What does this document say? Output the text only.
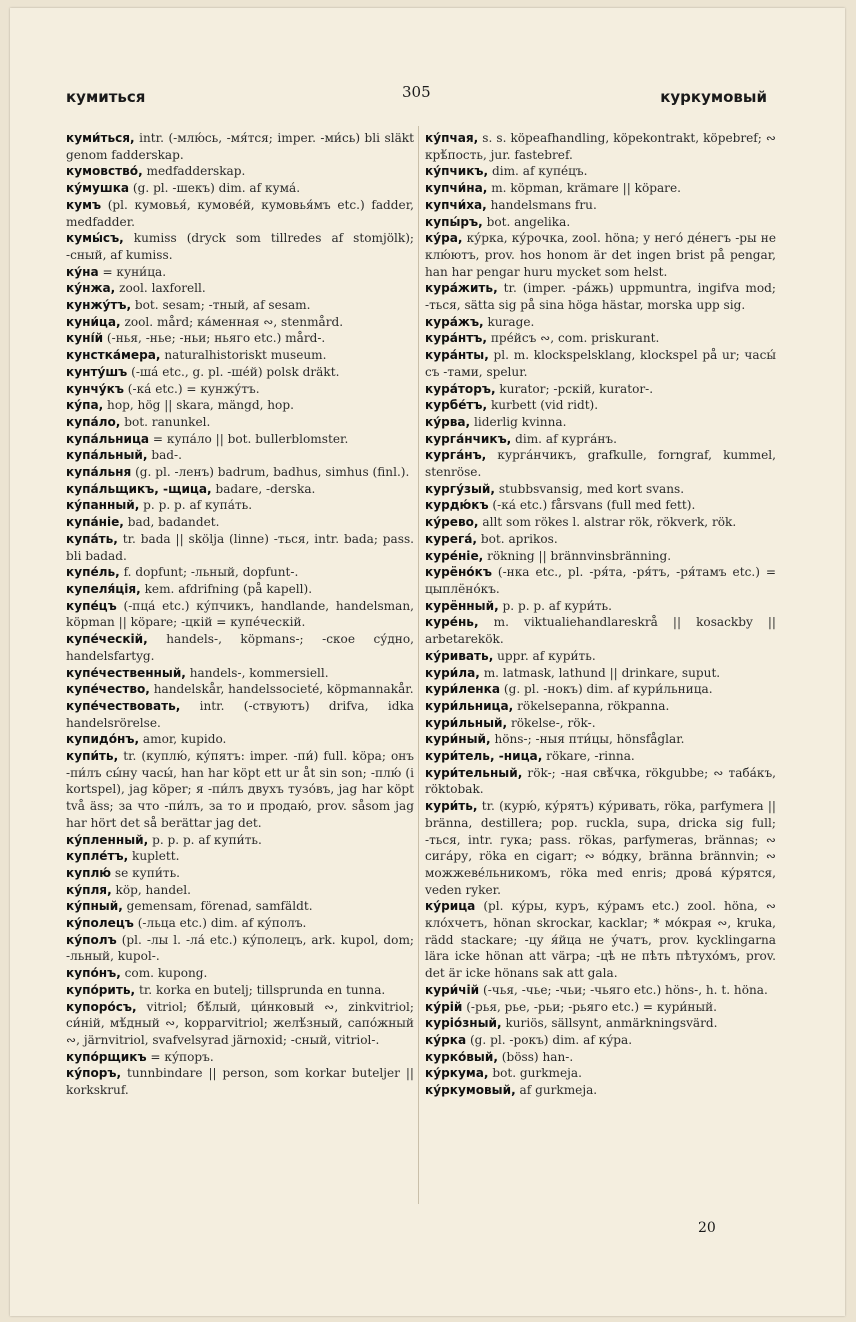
кумиться	305	куркумовый

куми́ться, intr. (-млю́сь, -мя́тся; imper. -ми́сь) bli släkt genom fadderskap.

кумовство́, medfadderskap.

ку́мушка (g. pl. -шекъ) dim. af кума́.

кумъ (pl. кумовья́, кумове́й, кумовья́мъ etc.) fadder, medfadder.

кумы́съ, kumiss (dryck som tillredes af stomjölk); -сный, af kumiss.

ку́на = куни́ца.

ку́нжа, zool. laxforell.

кунжу́тъ, bot. sesam; -тный, af sesam.

куни́ца, zool. mård; ка́менная ∾, stenmård.

куні́й (-нья, -нье; -ньи; ньяго etc.) mård-.

кунстка́мера, naturalhistoriskt museum.

кунту́шъ (-шá etc., g. pl. -ше́й) polsk dräkt.

кунчу́къ (-ка́ etc.) = кунжу́тъ.

ку́па, hop, hög || skara, mängd, hop.

купа́ло, bot. ranunkel.

купа́льница = купа́ло || bot. bullerblomster.

купа́льный, bad-.

купа́льня (g. pl. -ленъ) badrum, badhus, simhus (finl.).

купа́льщикъ, -щица, badare, -derska.

ку́панный, p. p. p. af купа́ть.

купа́ніе, bad, badandet.

купа́ть, tr. bada || skölja (linne) -ться, intr. bada; pass. bli badad.

купе́ль, f. dopfunt; -льный, dopfunt-.

купеля́ція, kem. afdrifning (på kapell).

купе́цъ (-пца́ etc.) ку́пчикъ, handlande, handelsman, köpman || köpare; -цкій = купе́ческій.

купе́ческій, handels-, köpmans-; -ское су́дно, handelsfartyg.

купе́чественный, handels-, kommersiell.

купе́чество, handelskår, handelssocieté, köpmannakår.

купе́чествовать, intr. (-ствуютъ) drifva, idka handelsrörelse.

купидо́нъ, amor, kupido.

купи́ть, tr. (куплю́, ку́пятъ: imper. -пи́) full. köpa; онъ -пи́лъ сы́ну часы́, han har köpt ett ur åt sin son; -плю́ (i kortspel), jag köper; я -пи́лъ двухъ тузо́въ, jag har köpt två äss; за что -пи́лъ, за то и продаю́, prov. såsom jag har hört det så berättar jag det.

ку́пленный, p. p. p. af купи́ть.

купле́тъ, kuplett.

куплю́ se купи́ть.

ку́пля, köp, handel.

ку́пный, gemensam, förenad, samfäldt.

ку́полецъ (-льца etc.) dim. af ку́полъ.

ку́полъ (pl. -лы l. -ла́ etc.) ку́полецъ, ark. kupol, dom; -льный, kupol-.

купо́нъ, com. kupong.

купо́рить, tr. korka en butelj; tillsprunda en tunna.

купоро́съ, vitriol; бѣ́лый, ци́нковый ∾, zinkvitriol; си́ній, мѣ́дный ∾, kopparvitriol; желѣ́зный, сапо́жный ∾, järnvitriol, svafvelsyrad järnoxid; -сный, vitriol-.

купо́рщикъ = ку́поръ.

ку́поръ, tunnbindare || person, som korkar buteljer || korkskruf.

ку́пчая, s. s. köpeafhandling, köpekontrakt, köpebref; ∾ крѣ́пость, jur. fastebref.

ку́пчикъ, dim. af купе́цъ.

купчи́на, m. köpman, krämare || köpare.

купчи́ха, handelsmans fru.

купы́ръ, bot. angelika.

ку́ра, ку́рка, ку́рочка, zool. höna; у него́ де́негъ -ры не клю́ютъ, prov. hos honom är det ingen brist på pengar, han har pengar huru mycket som helst.

кура́жить, tr. (imper. -ра́жь) uppmuntra, ingifva mod; -ться, sätta sig på sina höga hästar, morska upp sig.

кура́жъ, kurage.

кура́нтъ, пре́йсъ ∾, com. priskurant.

кура́нты, pl. m. klockspelsklang, klockspel på ur; часы́ съ -тами, spelur.

кура́торъ, kurator; -рскій, kurator-.

курбе́тъ, kurbett (vid ridt).

ку́рва, liderlig kvinna.

курга́нчикъ, dim. af курга́нъ.

курга́нъ, курга́нчикъ, grafkulle, forngraf, kummel, stenröse.

кургу́зый, stubbsvansig, med kort svans.

курдю́къ (-ка́ etc.) fårsvans (full med fett).

ку́рево, allt som rökes l. alstrar rök, rökverk, rök.

курега́, bot. aprikos.

куре́ніе, rökning || brännvinsbränning.

курёно́къ (-нка etc., pl. -ря́та, -ря́тъ, -ря́тамъ etc.) = цыплёно́къ.

курённый, p. p. p. af кури́ть.

куре́нь, m. viktualiehandlareskrå || kosackby || arbetarekök.

ку́ривать, uppr. af кури́ть.

кури́ла, m. latmask, lathund || drinkare, suput.

кури́ленка (g. pl. -нокъ) dim. af кури́льница.

кури́льница, rökelsepanna, rökpanna.

кури́льный, rökelse-, rök-.

кури́ный, höns-; -ныя пти́цы, hönsfåglar.

кури́тель, -ница, rökare, -rinna.

кури́тельный, rök-; -ная свѣ́чка, rökgubbe; ∾ таба́къ, röktobak.

кури́ть, tr. (курю́, ку́рятъ) ку́ривать, röka, parfymera || bränna, destillera; pop. ruckla, supa, dricka sig full; -ться, intr. гука; pass. rökas, parfymeras, brännas; ∾ сига́ру, röka en cigarr; ∾ во́дку, bränna brännvin; ∾ можжеве́льникомъ, röka med enris; дрова́ ку́рятся, veden ryker.

ку́рица (pl. ку́ры, куръ, ку́рамъ etc.) zool. höna, ∾ кло́хчетъ, hönan skrockar, kacklar; * мо́края ∾, kruka, rädd stackare; -цу я́йца не у́чатъ, prov. kycklingarna lära icke hönan att värpa; -цѣ не пѣть пѣтухо́мъ, prov. det är icke hönans sak att gala.

кури́чій (-чья, -чье; -чьи; -чьяго etc.) höns-, h. t. höna.

ку́рій (-рья, рье, -рьи; -рьяго etc.) = кури́ный.

курiо́зный, kuriös, sällsynt, anmärkningsvärd.

ку́рка (g. pl. -рокъ) dim. af ку́ра.

курко́вый, (böss) han-.

ку́ркума, bot. gurkmeja.

ку́ркумовый, af gurkmeja.

20
